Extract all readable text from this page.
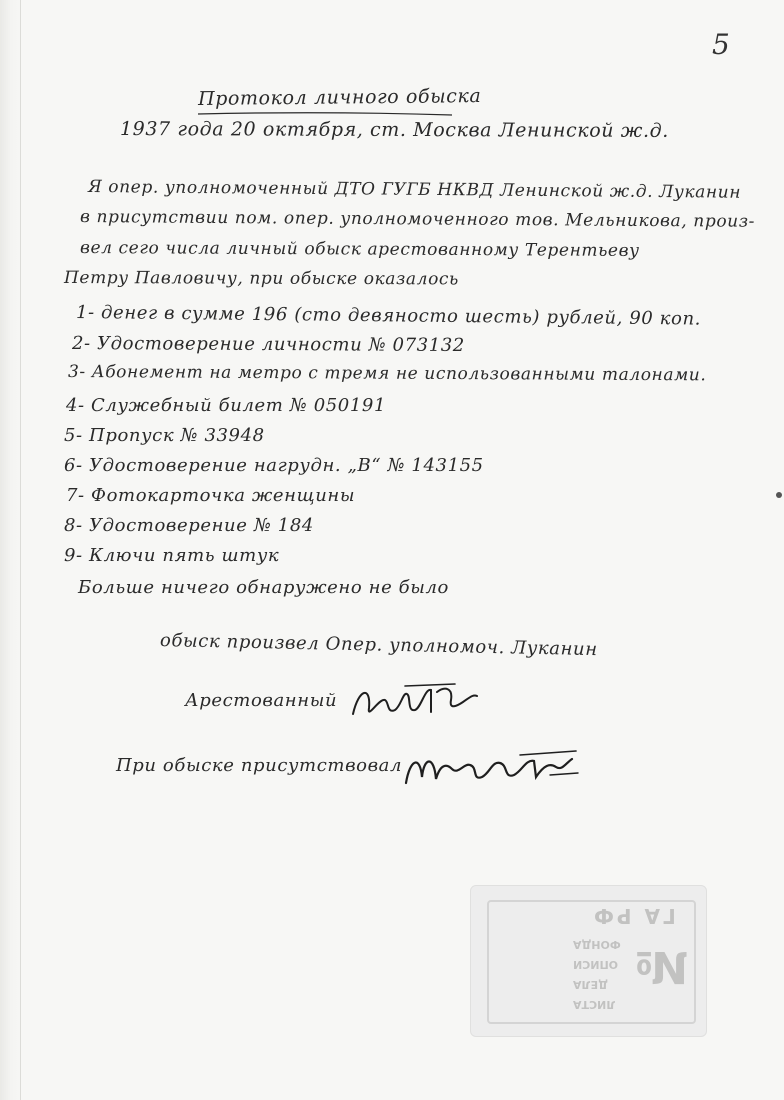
5
Протокол личного обыска
1937 года 20 октября, ст. Москва Ленинской ж.д.
Я опер. уполномоченный ДТО ГУГБ НКВД Ленинской ж.д. Луканин
в присутствии пом. опер. уполномоченного тов. Мельникова, произ-
вел сего числа личный обыск арестованному Терентьеву
Петру Павловичу, при обыске оказалось
1- денег в сумме 196 (сто девяносто шесть) рублей, 90 коп.
2- Удостоверение личности № 073132
3- Абонемент на метро с тремя не использованными талонами.
4- Служебный билет № 050191
5- Пропуск № 33948
6- Удостоверение нагрудн. „В“ № 143155
7- Фотокарточка женщины
8- Удостоверение № 184
9- Ключи пять штук
Больше ничего обнаружено не было
обыск произвел Опер. уполномоч. Луканин
Арестованный
При обыске присутствовал
ГА РФ
№
ФОНДА
ОПИСИ
ДЕЛА
ЛИСТА
